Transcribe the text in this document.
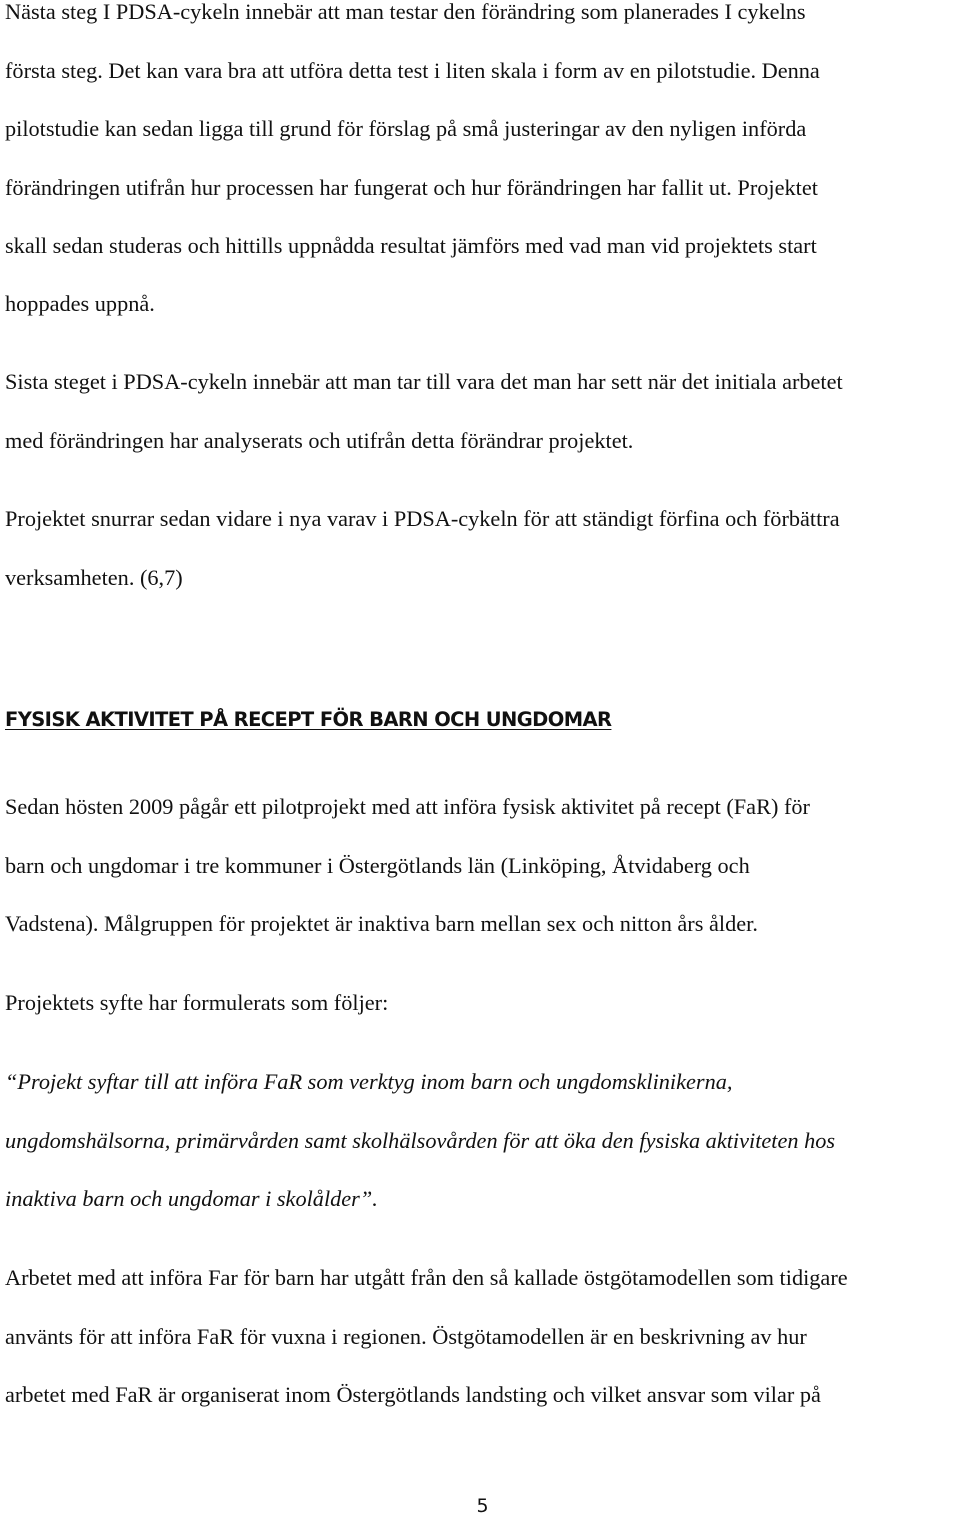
Nästa steg I PDSA-cykeln innebär att man testar den förändring som planerades I cykelns

första steg. Det kan vara bra att utföra detta test i liten skala i form av en pilotstudie. Denna

pilotstudie kan sedan ligga till grund för förslag på små justeringar av den nyligen införda

förändringen utifrån hur processen har fungerat och hur förändringen har fallit ut. Projektet

skall sedan studeras och hittills uppnådda resultat jämförs med vad man vid projektets start

hoppades uppnå.

Sista steget i PDSA-cykeln innebär att man tar till vara det man har sett när det initiala arbetet

med förändringen har analyserats och utifrån detta förändrar projektet.

Projektet snurrar sedan vidare i nya varav i PDSA-cykeln för att ständigt förfina och förbättra

verksamheten. (6,7)

FYSISK AKTIVITET PÅ RECEPT FÖR BARN OCH UNGDOMAR

Sedan hösten 2009 pågår ett pilotprojekt med att införa fysisk aktivitet på recept (FaR) för

barn och ungdomar i tre kommuner i Östergötlands län (Linköping, Åtvidaberg och

Vadstena). Målgruppen för projektet är inaktiva barn mellan sex och nitton års ålder.

Projektets syfte har formulerats som följer:

“Projekt syftar till att införa FaR som verktyg inom barn och ungdomsklinikerna,

ungdomshälsorna, primärvården samt skolhälsovården för att öka den fysiska aktiviteten hos

inaktiva barn och ungdomar i skolålder”.

Arbetet med att införa Far för barn har utgått från den så kallade östgötamodellen som tidigare

använts för att införa FaR för vuxna i regionen. Östgötamodellen är en beskrivning av hur

arbetet med FaR är organiserat inom Östergötlands landsting och vilket ansvar som vilar på

5
